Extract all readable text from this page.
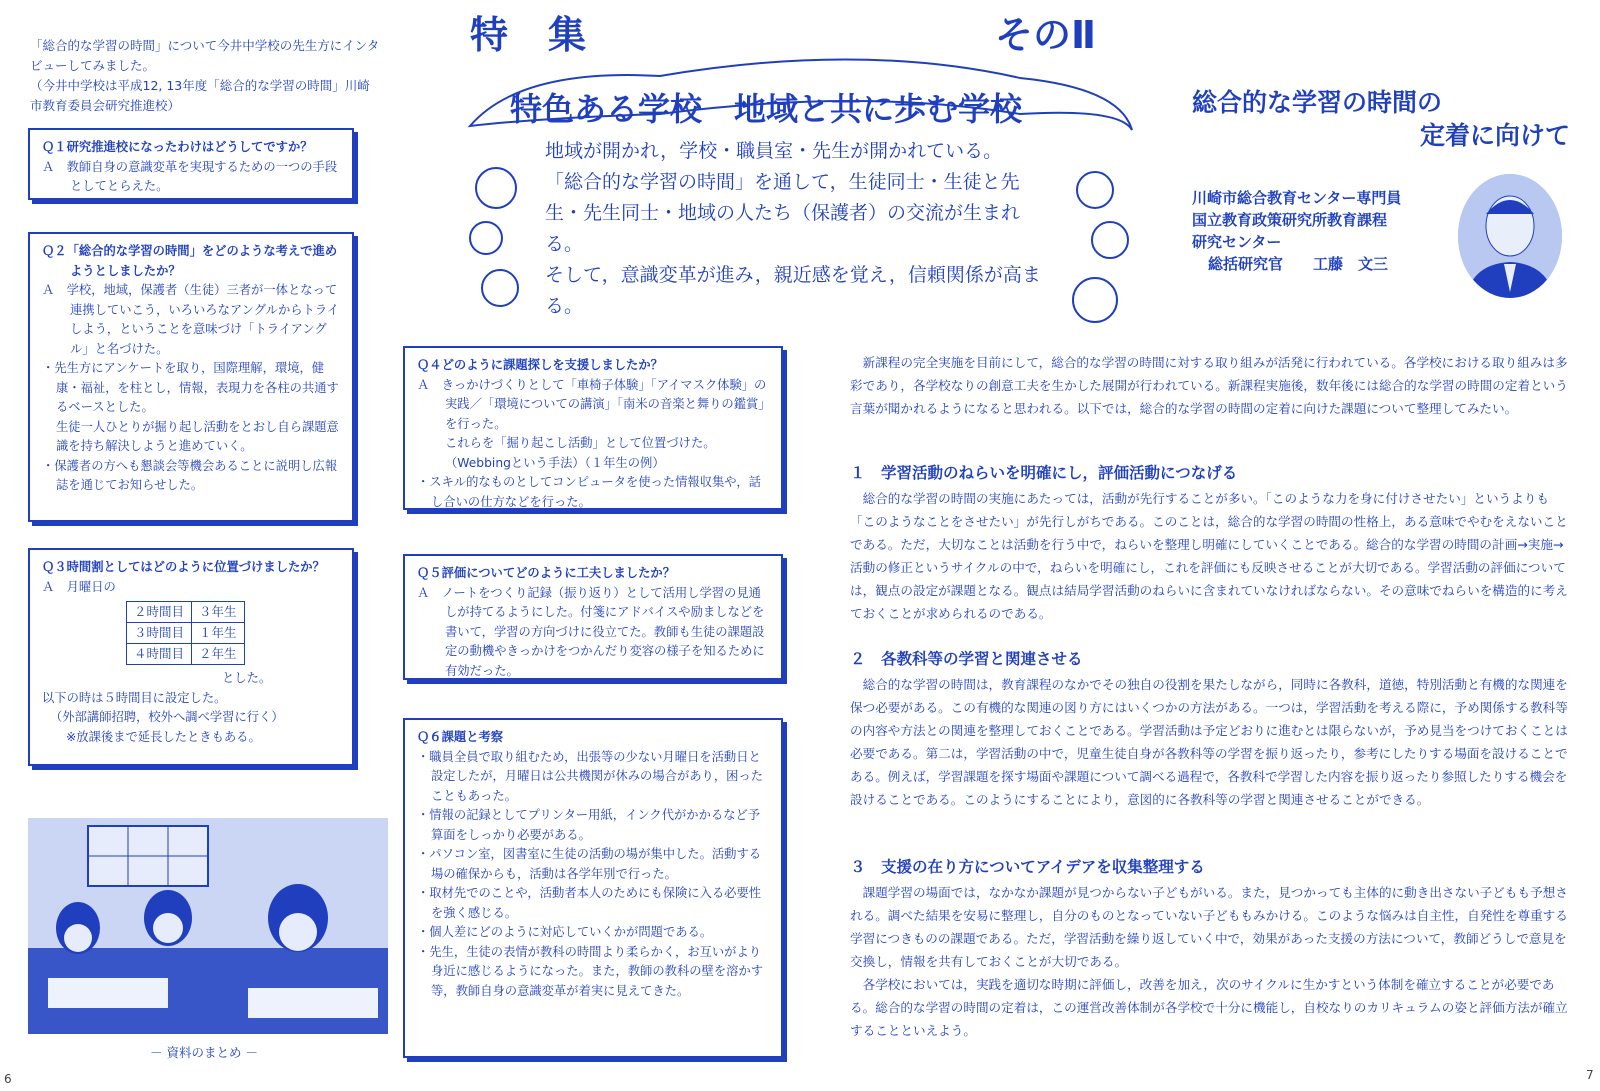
「総合的な学習の時間」について今井中学校の先生方にインタビューしてみました。

（今井中学校は平成12, 13年度「総合的な学習の時間」川崎市教育委員会研究推進校）

Ｑ１研究推進校になったわけはどうしてですか？
Ａ　教師自身の意識変革を実現するための一つの手段としてとらえた。
Ｑ２「総合的な学習の時間」をどのような考えで進めようとしましたか？
Ａ　学校，地域，保護者（生徒）三者が一体となって連携していこう，いろいろなアングルからトライしよう，ということを意味づけ「トライアングル」と名づけた。
・先生方にアンケートを取り，国際理解，環境，健康・福祉，を柱とし，情報，表現力を各柱の共通するベースとした。
生徒一人ひとりが掘り起し活動をとおし自ら課題意識を持ち解決しようと進めていく。
・保護者の方へも懇談会等機会あることに説明し広報誌を通じてお知らせした。
Ｑ３時間割としてはどのように位置づけましたか？
Ａ　月曜日の
２時間目	３年生
３時間目	１年生
４時間目	２年生
とした。
以下の時は５時間目に設定した。
（外部講師招聘，校外へ調べ学習に行く）
※放課後まで延長したときもある。
－ 資料のまとめ －
6
特集	そのⅡ
特色ある学校　地域と共に歩む学校

地域が開かれ，学校・職員室・先生が開かれている。

「総合的な学習の時間」を通して，生徒同士・生徒と先生・先生同士・地域の人たち（保護者）の交流が生まれる。

そして，意識変革が進み，親近感を覚え，信頼関係が高まる。

Ｑ４どのように課題探しを支援しましたか？
Ａ　きっかけづくりとして「車椅子体験」「アイマスク体験」の実践／「環境についての講演」「南米の音楽と舞りの鑑賞」を行った。
これらを「掘り起こし活動」として位置づけた。
（Webbingという手法）（１年生の例）
・スキル的なものとしてコンピュータを使った情報収集や，話し合いの仕方などを行った。
Ｑ５評価についてどのように工夫しましたか？
Ａ　ノートをつくり記録（振り返り）として活用し学習の見通しが持てるようにした。付箋にアドバイスや励ましなどを書いて，学習の方向づけに役立てた。教師も生徒の課題設定の動機やきっかけをつかんだり変容の様子を知るために有効だった。
Ｑ６課題と考察
・職員全員で取り組むため，出張等の少ない月曜日を活動日と設定したが，月曜日は公共機関が休みの場合があり，困ったこともあった。
・情報の記録としてプリンター用紙，インク代がかかるなど予算面をしっかり必要がある。
・パソコン室，図書室に生徒の活動の場が集中した。活動する場の確保からも，活動は各学年別で行った。
・取材先でのことや，活動者本人のためにも保険に入る必要性を強く感じる。
・個人差にどのように対応していくかが問題である。
・先生，生徒の表情が教科の時間より柔らかく，お互いがより身近に感じるようになった。また，教師の教科の壁を溶かす等，教師自身の意識変革が着実に見えてきた。
総合的な学習の時間の
定着に向けて
川崎市総合教育センター専門員
国立教育政策研究所教育課程
研究センター
総括研究官　　工藤　文三
新課程の完全実施を目前にして，総合的な学習の時間に対する取り組みが活発に行われている。各学校における取り組みは多彩であり，各学校なりの創意工夫を生かした展開が行われている。新課程実施後，数年後には総合的な学習の時間の定着という言葉が聞かれるようになると思われる。以下では，総合的な学習の時間の定着に向けた課題について整理してみたい。
１　学習活動のねらいを明確にし，評価活動につなげる
総合的な学習の時間の実施にあたっては，活動が先行することが多い。「このような力を身に付けさせたい」というよりも「このようなことをさせたい」が先行しがちである。このことは，総合的な学習の時間の性格上，ある意味でやむをえないことである。ただ，大切なことは活動を行う中で，ねらいを整理し明確にしていくことである。総合的な学習の時間の計画→実施→活動の修正というサイクルの中で，ねらいを明確にし，これを評価にも反映させることが大切である。学習活動の評価については，観点の設定が課題となる。観点は結局学習活動のねらいに含まれていなければならない。その意味でねらいを構造的に考えておくことが求められるのである。
２　各教科等の学習と関連させる
総合的な学習の時間は，教育課程のなかでその独自の役割を果たしながら，同時に各教科，道徳，特別活動と有機的な関連を保つ必要がある。この有機的な関連の図り方にはいくつかの方法がある。一つは，学習活動を考える際に，予め関係する教科等の内容や方法との関連を整理しておくことである。学習活動は予定どおりに進むとは限らないが，予め見当をつけておくことは必要である。第二は，学習活動の中で，児童生徒自身が各教科等の学習を振り返ったり，参考にしたりする場面を設けることである。例えば，学習課題を探す場面や課題について調べる過程で，各教科で学習した内容を振り返ったり参照したりする機会を設けることである。このようにすることにより，意図的に各教科等の学習と関連させることができる。
３　支援の在り方についてアイデアを収集整理する
課題学習の場面では，なかなか課題が見つからない子どもがいる。また，見つかっても主体的に動き出さない子どもも予想される。調べた結果を安易に整理し，自分のものとなっていない子どももみかける。このような悩みは自主性，自発性を尊重する学習につきものの課題である。ただ，学習活動を繰り返していく中で，効果があった支援の方法について，教師どうしで意見を交換し，情報を共有しておくことが大切である。
各学校においては，実践を適切な時期に評価し，改善を加え，次のサイクルに生かすという体制を確立することが必要である。総合的な学習の時間の定着は，この運営改善体制が各学校で十分に機能し，自校なりのカリキュラムの姿と評価方法が確立することといえよう。
7
